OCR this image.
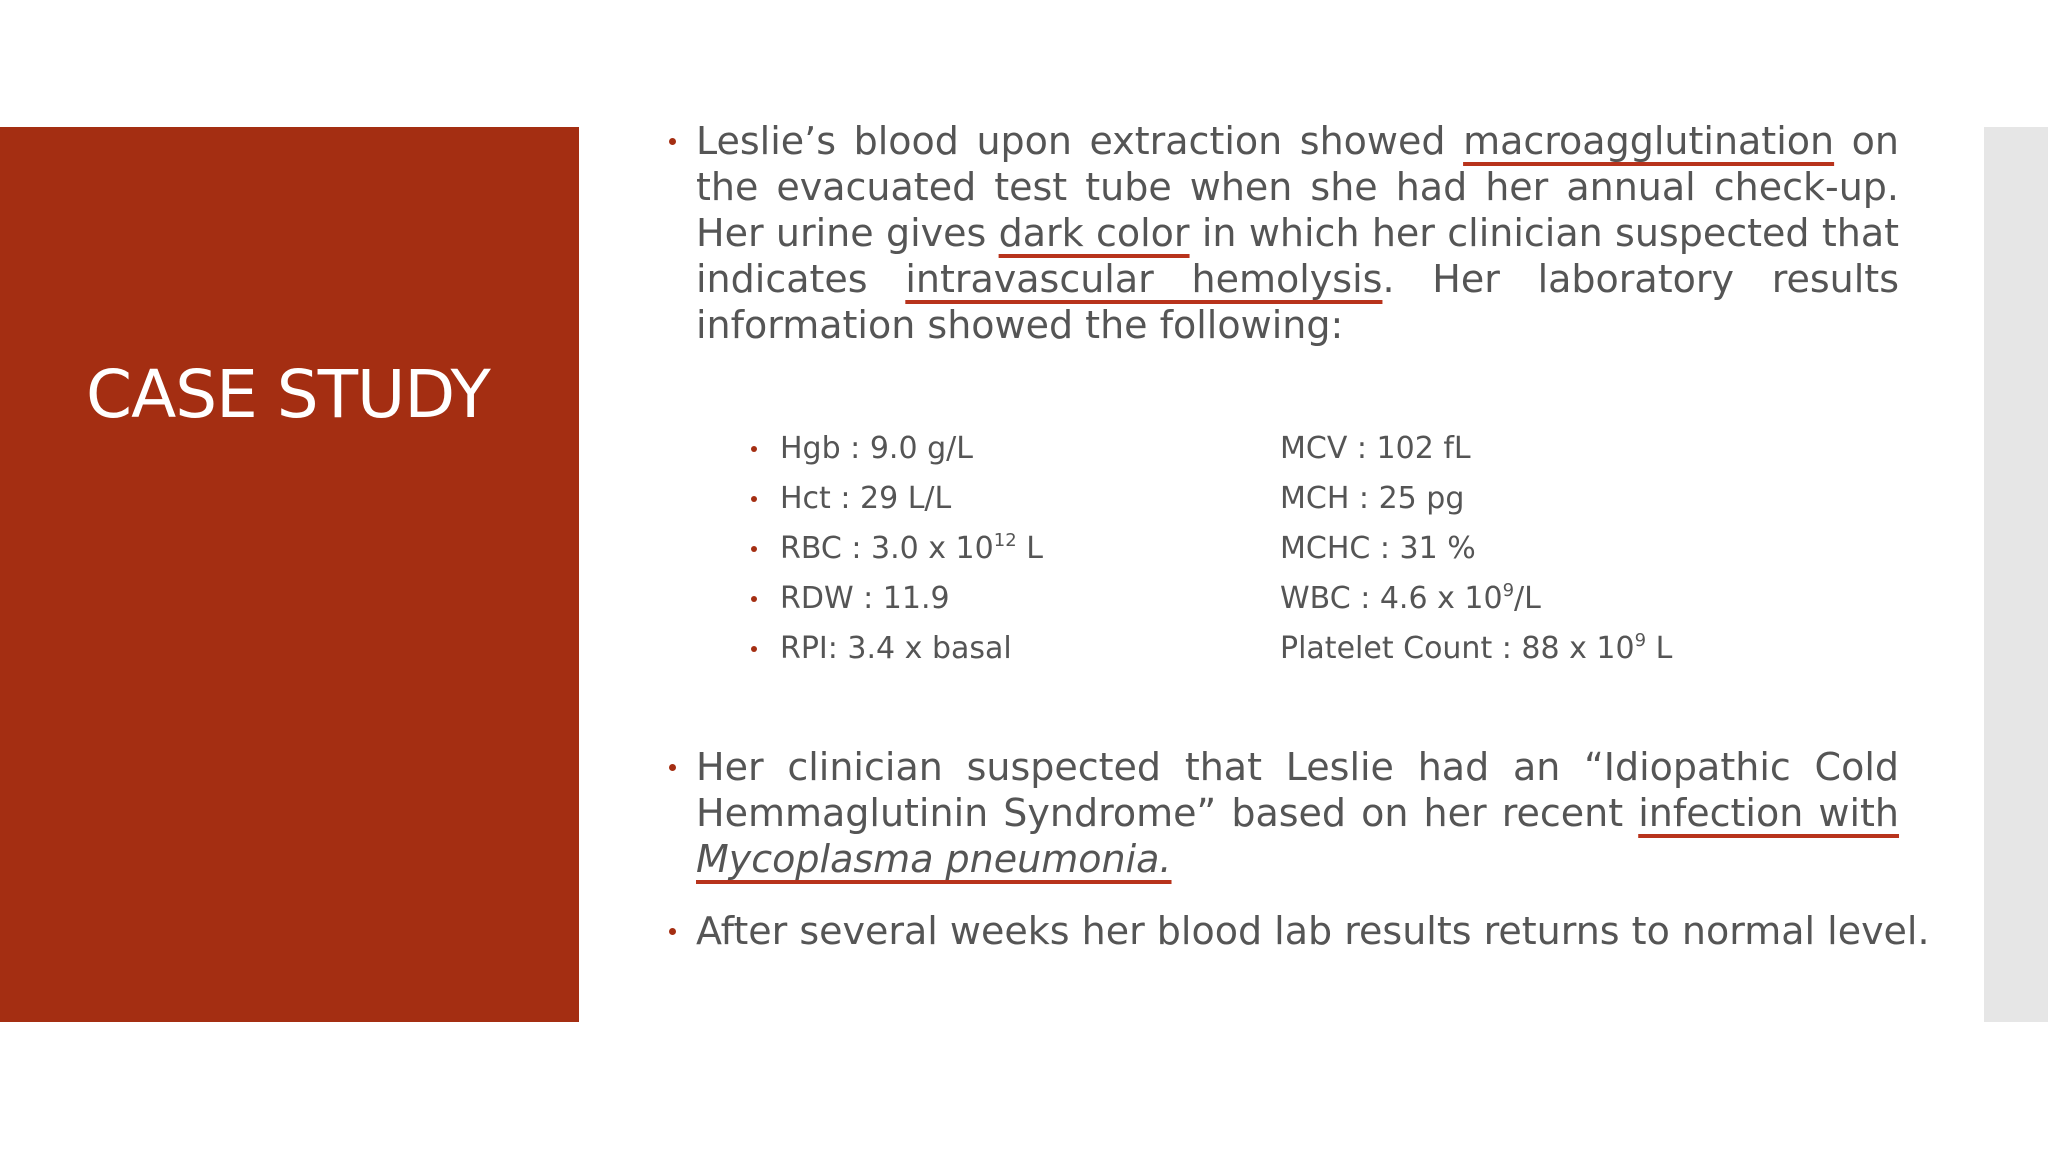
CASE STUDY
Leslie’s blood upon extraction showed macroagglutination on the evacuated test tube when she had her annual check-up. Her urine gives dark color in which her clinician suspected that indicates intravascular hemolysis. Her laboratory results information showed the following:
Hgb : 9.0 g/L
Hct : 29 L/L
RBC : 3.0 x $10^{12}$ L
RDW : 11.9
RPI: 3.4 x basal
MCV : 102 fL
MCH : 25 pg
MCHC : 31 %
WBC : 4.6 x $10^9/L$
Platelet Count : 88 x $10^9$ L
Her clinician suspected that Leslie had an “Idiopathic Cold Hemmaglutinin Syndrome” based on her recent infection with Mycoplasma pneumonia.
After several weeks her blood lab results returns to normal level.
